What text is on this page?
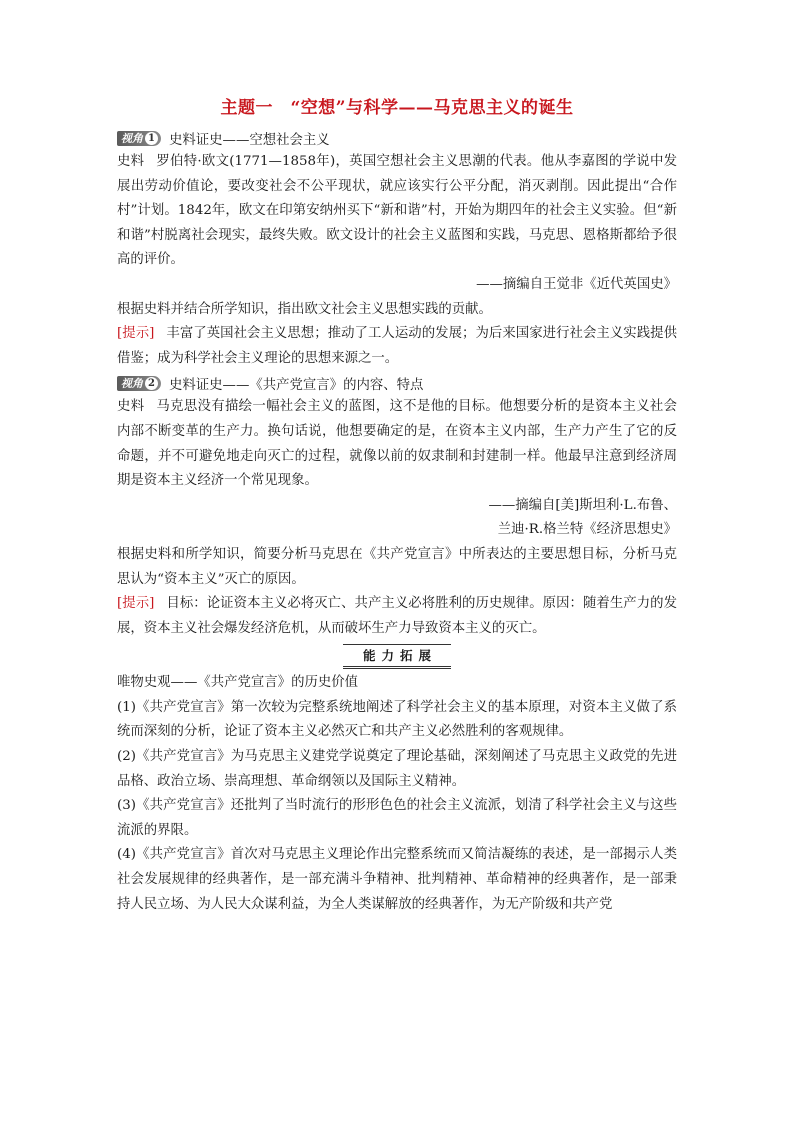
主题一　“空想”与科学——马克思主义的诞生
视角 1 史料证史——空想社会主义

史料 罗伯特·欧文(1771—1858年)，英国空想社会主义思潮的代表。他从李嘉图的学说中发展出劳动价值论，要改变社会不公平现状，就应该实行公平分配，消灭剥削。因此提出“合作村”计划。1842年，欧文在印第安纳州买下“新和谐”村，开始为期四年的社会主义实验。但“新和谐”村脱离社会现实，最终失败。欧文设计的社会主义蓝图和实践，马克思、恩格斯都给予很高的评价。

——摘编自王觉非《近代英国史》

根据史料并结合所学知识，指出欧文社会主义思想实践的贡献。

[提示] 丰富了英国社会主义思想；推动了工人运动的发展；为后来国家进行社会主义实践提供借鉴；成为科学社会主义理论的思想来源之一。

视角 2 史料证史——《共产党宣言》的内容、特点

史料 马克思没有描绘一幅社会主义的蓝图，这不是他的目标。他想要分析的是资本主义社会内部不断变革的生产力。换句话说，他想要确定的是，在资本主义内部，生产力产生了它的反命题，并不可避免地走向灭亡的过程，就像以前的奴隶制和封建制一样。他最早注意到经济周期是资本主义经济一个常见现象。

——摘编自[美]斯坦利·L.布鲁、
兰迪·R.格兰特《经济思想史》

根据史料和所学知识，简要分析马克思在《共产党宣言》中所表达的主要思想目标，分析马克思认为“资本主义”灭亡的原因。

[提示] 目标：论证资本主义必将灭亡、共产主义必将胜利的历史规律。原因：随着生产力的发展，资本主义社会爆发经济危机，从而破坏生产力导致资本主义的灭亡。

能力拓展

唯物史观——《共产党宣言》的历史价值

(1)《共产党宣言》第一次较为完整系统地阐述了科学社会主义的基本原理，对资本主义做了系统而深刻的分析，论证了资本主义必然灭亡和共产主义必然胜利的客观规律。

(2)《共产党宣言》为马克思主义建党学说奠定了理论基础，深刻阐述了马克思主义政党的先进品格、政治立场、崇高理想、革命纲领以及国际主义精神。

(3)《共产党宣言》还批判了当时流行的形形色色的社会主义流派，划清了科学社会主义与这些流派的界限。

(4)《共产党宣言》首次对马克思主义理论作出完整系统而又简洁凝练的表述，是一部揭示人类社会发展规律的经典著作，是一部充满斗争精神、批判精神、革命精神的经典著作，是一部秉持人民立场、为人民大众谋利益，为全人类谋解放的经典著作，为无产阶级和共产党
